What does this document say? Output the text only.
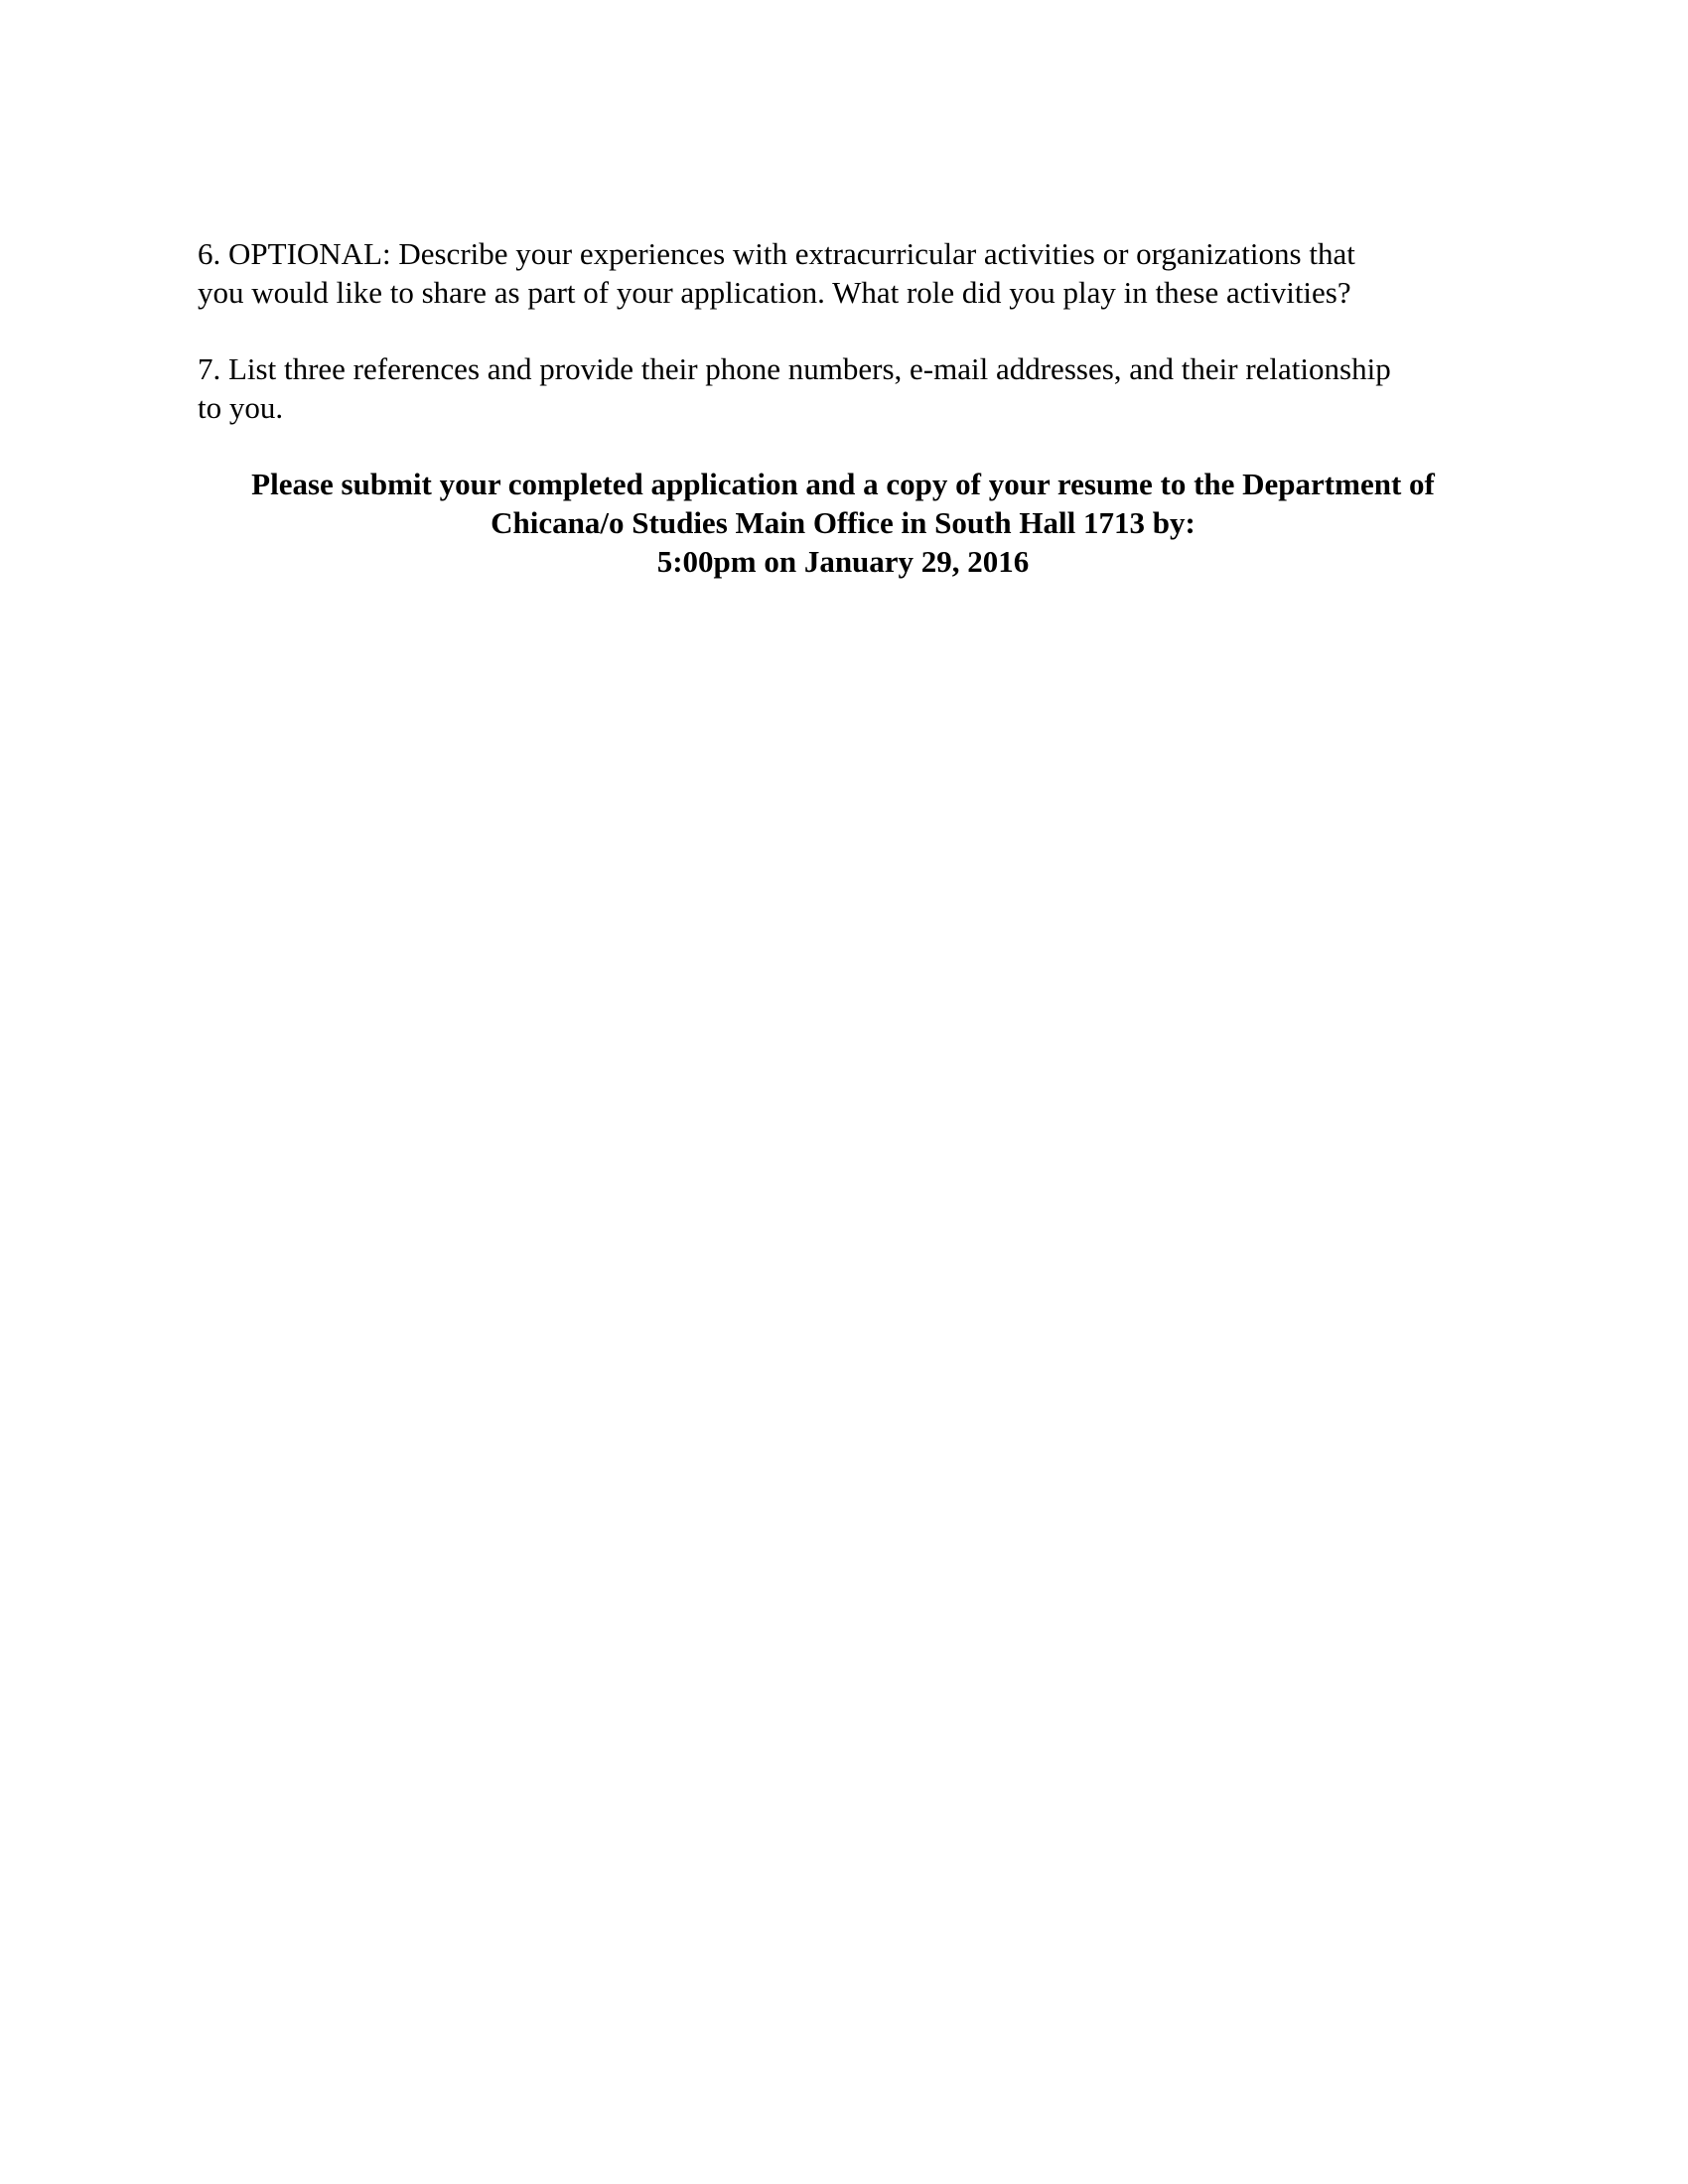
6. OPTIONAL: Describe your experiences with extracurricular activities or organizations that
you would like to share as part of your application. What role did you play in these activities?

7. List three references and provide their phone numbers, e-mail addresses, and their relationship
to you.

Please submit your completed application and a copy of your resume to the Department of
Chicana/o Studies Main Office in South Hall 1713 by:
5:00pm on January 29, 2016
